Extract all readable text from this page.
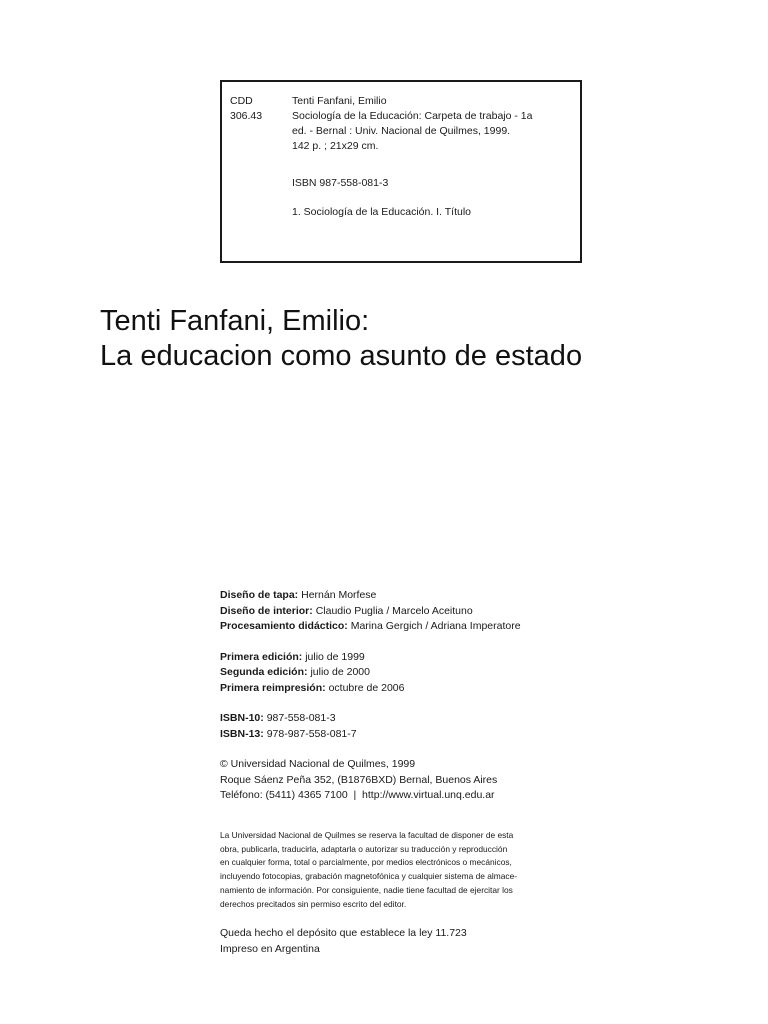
CDD
306.43
Tenti Fanfani, Emilio
Sociología de la Educación: Carpeta de trabajo - 1a
ed. - Bernal : Univ. Nacional de Quilmes, 1999.
142 p. ; 21x29 cm.
ISBN 987-558-081-3
1. Sociología de la Educación. I. Título
Tenti Fanfani, Emilio:
La educacion como asunto de estado
Diseño de tapa: Hernán Morfese
Diseño de interior: Claudio Puglia / Marcelo Aceituno
Procesamiento didáctico: Marina Gergich / Adriana Imperatore
Primera edición: julio de 1999
Segunda edición: julio de 2000
Primera reimpresión: octubre de 2006
ISBN-10: 987-558-081-3
ISBN-13: 978-987-558-081-7
© Universidad Nacional de Quilmes, 1999
Roque Sáenz Peña 352, (B1876BXD) Bernal, Buenos Aires
Teléfono: (5411) 4365 7100  |  http://www.virtual.unq.edu.ar
La Universidad Nacional de Quilmes se reserva la facultad de disponer de esta
obra, publicarla, traducirla, adaptarla o autorizar su traducción y reproducción
en cualquier forma, total o parcialmente, por medios electrónicos o mecánicos,
incluyendo fotocopias, grabación magnetofónica y cualquier sistema de almace-
namiento de información. Por consiguiente, nadie tiene facultad de ejercitar los
derechos precitados sin permiso escrito del editor.
Queda hecho el depósito que establece la ley 11.723
Impreso en Argentina
